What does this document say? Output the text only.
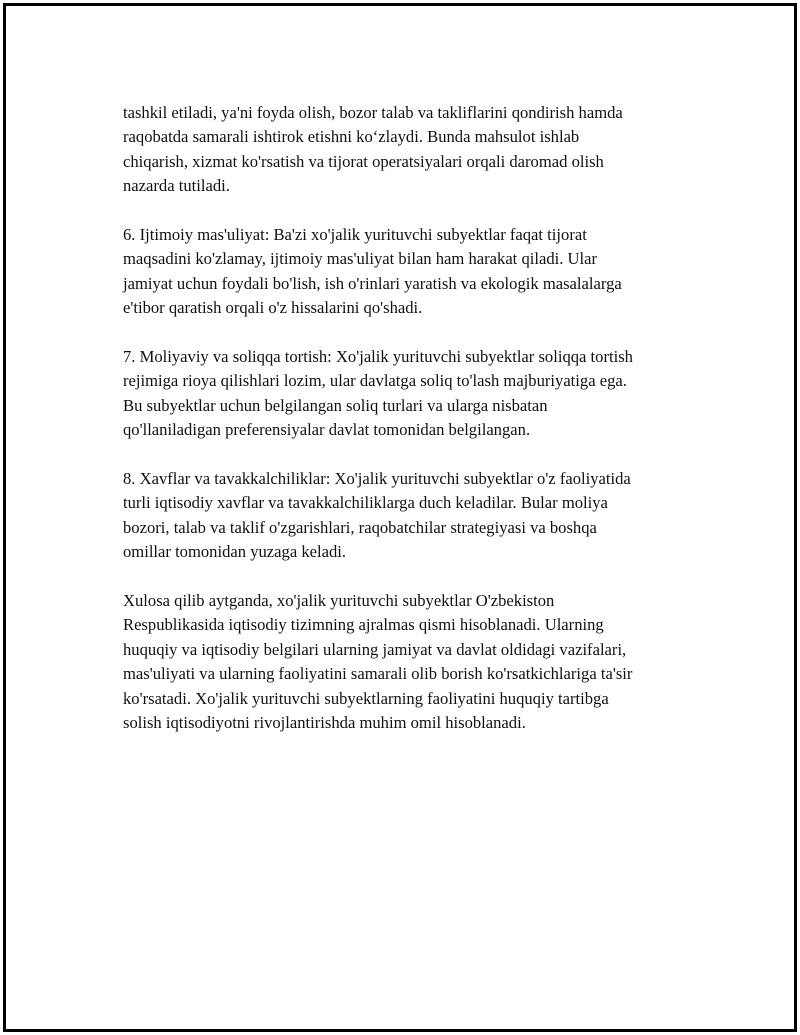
tashkil etiladi, ya'ni foyda olish, bozor talab va takliflarini qondirish hamda
raqobatda samarali ishtirok etishni ko‘zlaydi. Bunda mahsulot ishlab
chiqarish, xizmat ko'rsatish va tijorat operatsiyalari orqali daromad olish
nazarda tutiladi.

6. Ijtimoiy mas'uliyat: Ba'zi xo'jalik yurituvchi subyektlar faqat tijorat
maqsadini ko'zlamay, ijtimoiy mas'uliyat bilan ham harakat qiladi. Ular
jamiyat uchun foydali bo'lish, ish o'rinlari yaratish va ekologik masalalarga
e'tibor qaratish orqali o'z hissalarini qo'shadi.

7. Moliyaviy va soliqqa tortish: Xo'jalik yurituvchi subyektlar soliqqa tortish
rejimiga rioya qilishlari lozim, ular davlatga soliq to'lash majburiyatiga ega.
Bu subyektlar uchun belgilangan soliq turlari va ularga nisbatan
qo'llaniladigan preferensiyalar davlat tomonidan belgilangan.

8. Xavflar va tavakkalchiliklar: Xo'jalik yurituvchi subyektlar o'z faoliyatida
turli iqtisodiy xavflar va tavakkalchiliklarga duch keladilar. Bular moliya
bozori, talab va taklif o'zgarishlari, raqobatchilar strategiyasi va boshqa
omillar tomonidan yuzaga keladi.

Xulosa qilib aytganda, xo'jalik yurituvchi subyektlar O'zbekiston
Respublikasida iqtisodiy tizimning ajralmas qismi hisoblanadi. Ularning
huquqiy va iqtisodiy belgilari ularning jamiyat va davlat oldidagi vazifalari,
mas'uliyati va ularning faoliyatini samarali olib borish ko'rsatkichlariga ta'sir
ko'rsatadi. Xo'jalik yurituvchi subyektlarning faoliyatini huquqiy tartibga
solish iqtisodiyotni rivojlantirishda muhim omil hisoblanadi.
